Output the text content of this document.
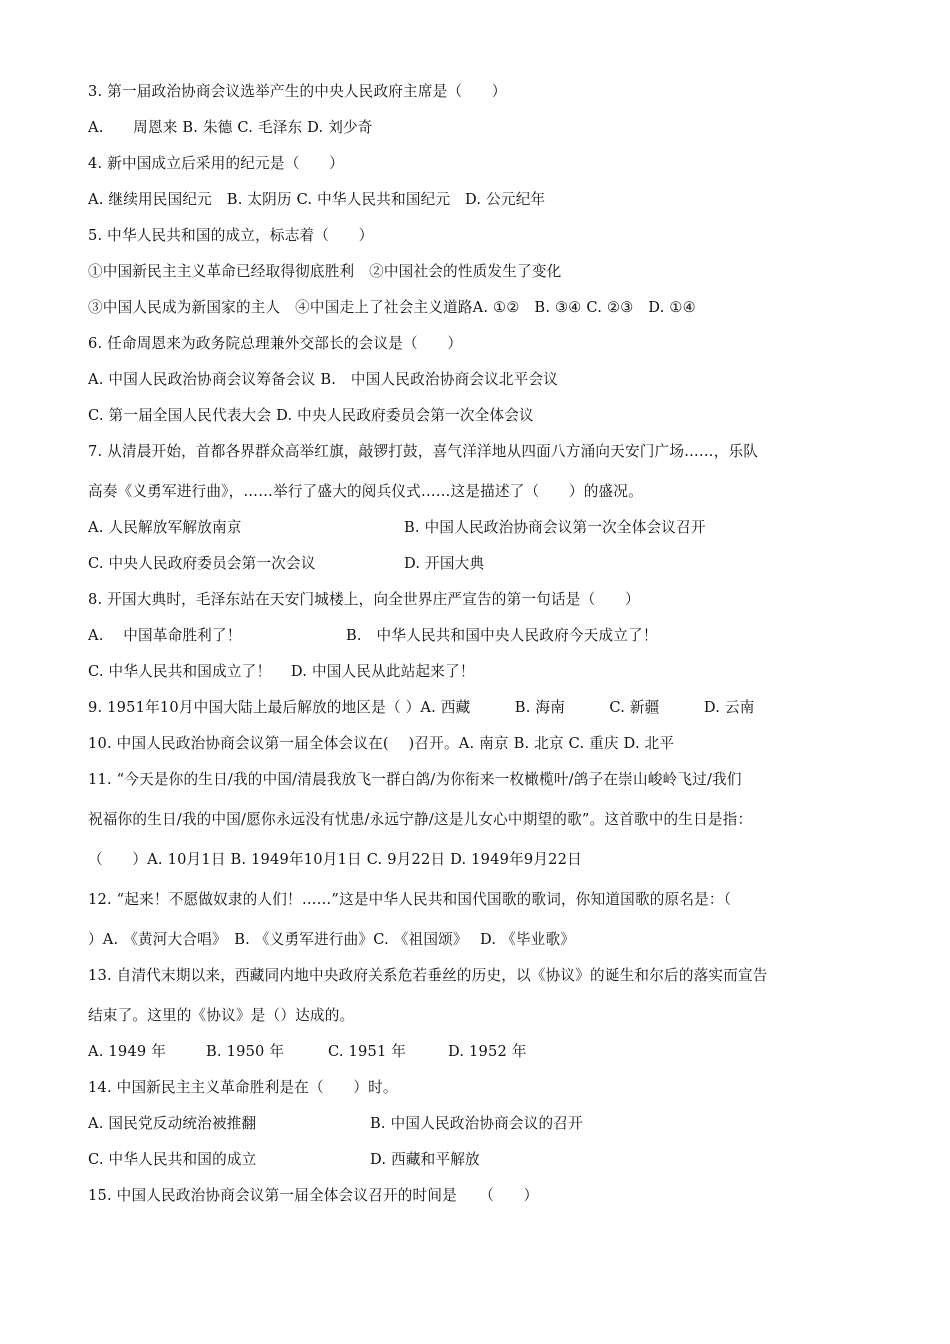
3. 第一届政治协商会议选举产生的中央人民政府主席是（　　）
A.　　周恩来 B. 朱德 C. 毛泽东 D. 刘少奇
4. 新中国成立后采用的纪元是（　　）
A. 继续用民国纪元　B. 太阴历 C. 中华人民共和国纪元　D. 公元纪年
5. 中华人民共和国的成立，标志着（　　）
①中国新民主主义革命已经取得彻底胜利　②中国社会的性质发生了变化
③中国人民成为新国家的主人　④中国走上了社会主义道路A. ①②　B. ③④ C. ②③　D. ①④
6. 任命周恩来为政务院总理兼外交部长的会议是（　　）
A. 中国人民政治协商会议筹备会议 B.　中国人民政治协商会议北平会议
C. 第一届全国人民代表大会 D. 中央人民政府委员会第一次全体会议
7. 从清晨开始，首都各界群众高举红旗，敲锣打鼓，喜气洋洋地从四面八方涌向天安门广场……，乐队
高奏《义勇军进行曲》，……举行了盛大的阅兵仪式……这是描述了（　　）的盛况。
A. 人民解放军解放南京	B. 中国人民政治协商会议第一次全体会议召开
C. 中央人民政府委员会第一次会议	D. 开国大典
8. 开国大典时，毛泽东站在天安门城楼上，向全世界庄严宣告的第一句话是（　　）
A.　 中国革命胜利了！	B.　中华人民共和国中央人民政府今天成立了！
C. 中华人民共和国成立了！　 D. 中国人民从此站起来了！
9. 1951年10月中国大陆上最后解放的地区是（ ）A. 西藏　　　B. 海南　　　C. 新疆　　　D. 云南
10. 中国人民政治协商会议第一届全体会议在(　 )召开。A. 南京 B. 北京 C. 重庆 D. 北平
11. “今天是你的生日/我的中国/清晨我放飞一群白鸽/为你衔来一枚橄榄叶/鸽子在崇山峻岭飞过/我们
祝福你的生日/我的中国/愿你永远没有忧患/永远宁静/这是儿女心中期望的歌”。这首歌中的生日是指：
（　　）A. 10月1日 B. 1949年10月1日 C. 9月22日 D. 1949年9月22日
12. “起来！不愿做奴隶的人们！……”这是中华人民共和国代国歌的歌词，你知道国歌的原名是：（
）A. 《黄河大合唱》　B. 《义勇军进行曲》C. 《祖国颂》　 D. 《毕业歌》
13. 自清代末期以来，西藏同内地中央政府关系危若垂丝的历史，以《协议》的诞生和尔后的落实而宣告
结束了。这里的《协议》是（）达成的。
A. 1949 年	B. 1950 年	C. 1951 年	D. 1952 年
14. 中国新民主主义革命胜利是在（　　）时。
A. 国民党反动统治被推翻	B. 中国人民政治协商会议的召开
C. 中华人民共和国的成立	D. 西藏和平解放
15. 中国人民政治协商会议第一届全体会议召开的时间是　　（　　）
